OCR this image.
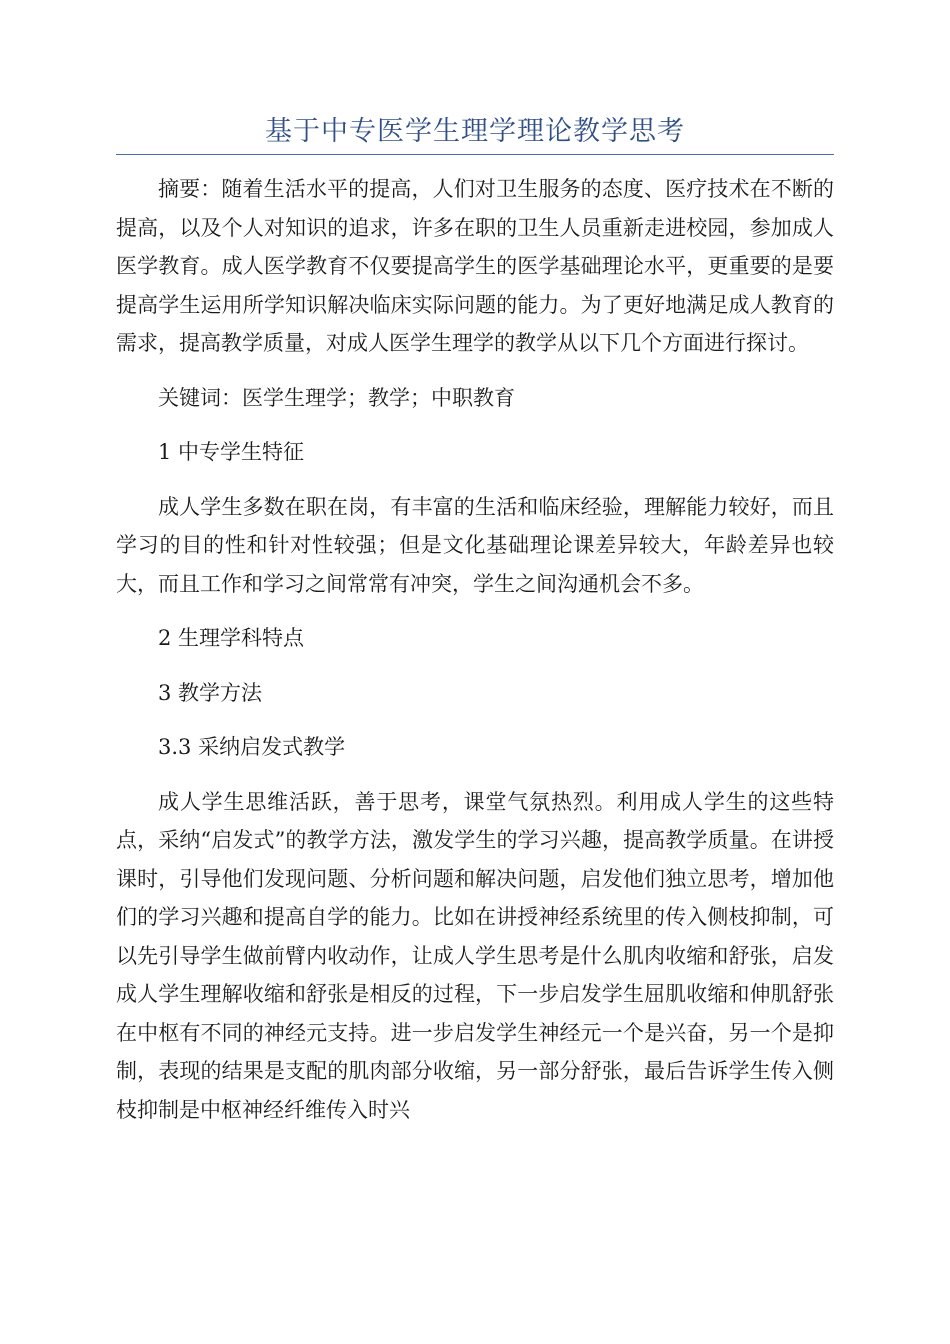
基于中专医学生理学理论教学思考

摘要：随着生活水平的提高，人们对卫生服务的态度、医疗技术在不断的提高，以及个人对知识的追求，许多在职的卫生人员重新走进校园，参加成人医学教育。成人医学教育不仅要提高学生的医学基础理论水平，更重要的是要提高学生运用所学知识解决临床实际问题的能力。为了更好地满足成人教育的需求，提高教学质量，对成人医学生理学的教学从以下几个方面进行探讨。

关键词：医学生理学；教学；中职教育

1 中专学生特征

成人学生多数在职在岗，有丰富的生活和临床经验，理解能力较好，而且学习的目的性和针对性较强；但是文化基础理论课差异较大，年龄差异也较大，而且工作和学习之间常常有冲突，学生之间沟通机会不多。

2 生理学科特点

3 教学方法

3.3 采纳启发式教学

成人学生思维活跃，善于思考，课堂气氛热烈。利用成人学生的这些特点，采纳“启发式”的教学方法，激发学生的学习兴趣，提高教学质量。在讲授课时，引导他们发现问题、分析问题和解决问题，启发他们独立思考，增加他们的学习兴趣和提高自学的能力。比如在讲授神经系统里的传入侧枝抑制，可以先引导学生做前臂内收动作，让成人学生思考是什么肌肉收缩和舒张，启发成人学生理解收缩和舒张是相反的过程，下一步启发学生屈肌收缩和伸肌舒张在中枢有不同的神经元支持。进一步启发学生神经元一个是兴奋，另一个是抑制，表现的结果是支配的肌肉部分收缩，另一部分舒张，最后告诉学生传入侧枝抑制是中枢神经纤维传入时兴
